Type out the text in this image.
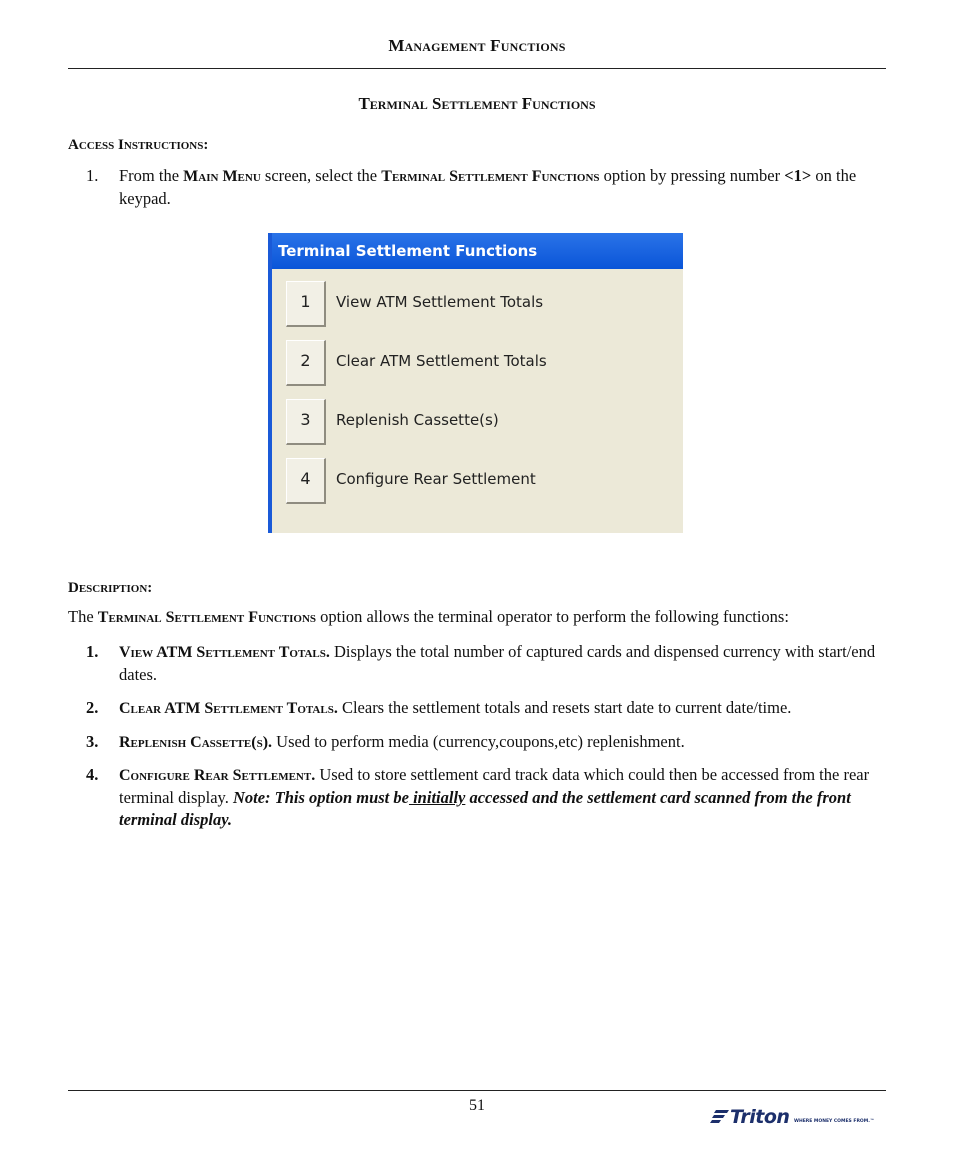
Management Functions
Terminal Settlement Functions
Access Instructions:
1. From the Main Menu screen, select the Terminal Settlement Functions option by pressing number <1> on the keypad.
Terminal Settlement Functions
1	View ATM Settlement Totals
2	Clear ATM Settlement Totals
3	Replenish Cassette(s)
4	Configure Rear Settlement
Description:
The Terminal Settlement Functions option allows the terminal operator to perform the following functions:
1. View ATM Settlement Totals. Displays the total number of captured cards and dispensed currency with start/end dates.
2. Clear ATM Settlement Totals. Clears the settlement totals and resets start date to current date/time.
3. Replenish Cassette(s). Used to perform media (currency,coupons,etc) replenishment.
4. Configure Rear Settlement. Used to store settlement card track data which could then be accessed from the rear terminal display. Note: This option must be initially accessed and the settlement card scanned from the front terminal display.
51
Triton WHERE MONEY COMES FROM.™
